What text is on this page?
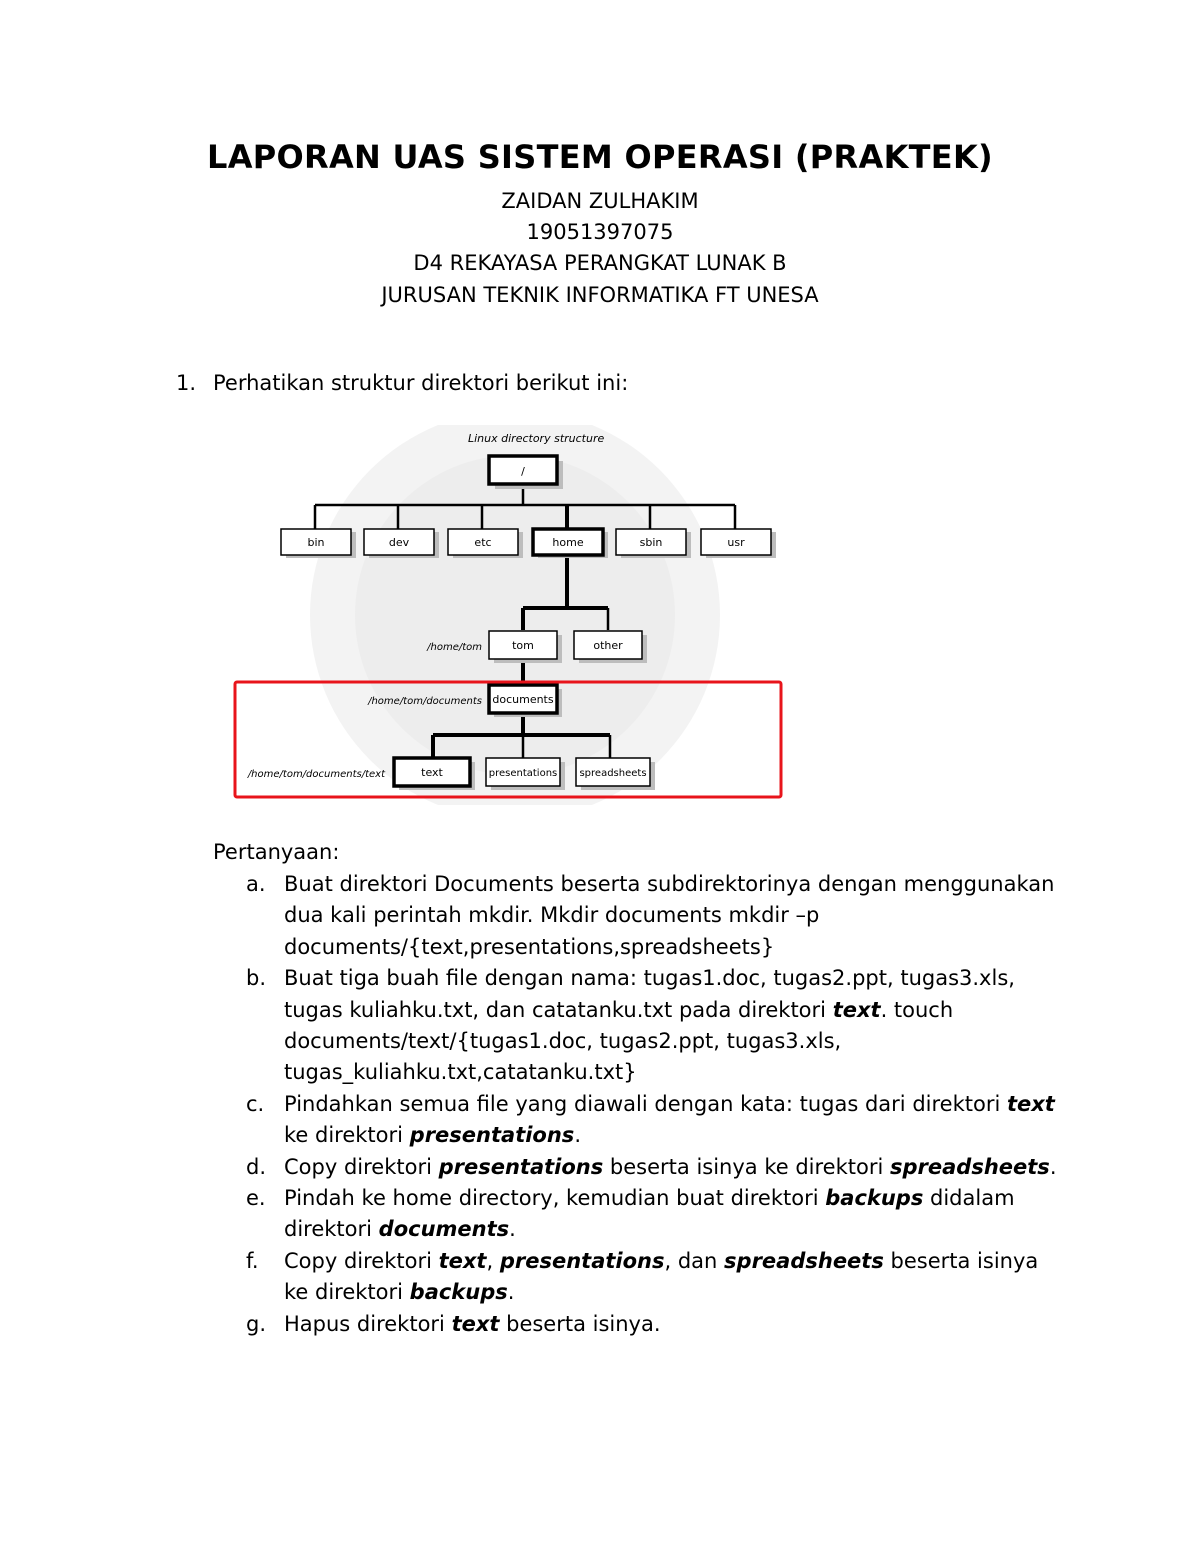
LAPORAN UAS SISTEM OPERASI (PRAKTEK)
ZAIDAN ZULHAKIM
19051397075
D4 REKAYASA PERANGKAT LUNAK B
JURUSAN TEKNIK INFORMATIKA FT UNESA
1. Perhatikan struktur direktori berikut ini:
Linux directory structure
/
bin	dev	etc	home	sbin	usr
tom	other
documents
text	presentations spreadsheets
/home/tom
/home/tom/documents
/home/tom/documents/text
Pertanyaan:
a. Buat direktori Documents beserta subdirektorinya dengan menggunakan dua kali perintah mkdir. Mkdir documents mkdir –p documents/{text,presentations,spreadsheets}
b. Buat tiga buah file dengan nama: tugas1.doc, tugas2.ppt, tugas3.xls, tugas kuliahku.txt, dan catatanku.txt pada direktori text. touch documents/text/{tugas1.doc, tugas2.ppt, tugas3.xls, tugas_kuliahku.txt,catatanku.txt}
c. Pindahkan semua file yang diawali dengan kata: tugas dari direktori text ke direktori presentations.
d. Copy direktori presentations beserta isinya ke direktori spreadsheets.
e. Pindah ke home directory, kemudian buat direktori backups didalam direktori documents.
f. Copy direktori text, presentations, dan spreadsheets beserta isinya ke direktori backups.
g. Hapus direktori text beserta isinya.
